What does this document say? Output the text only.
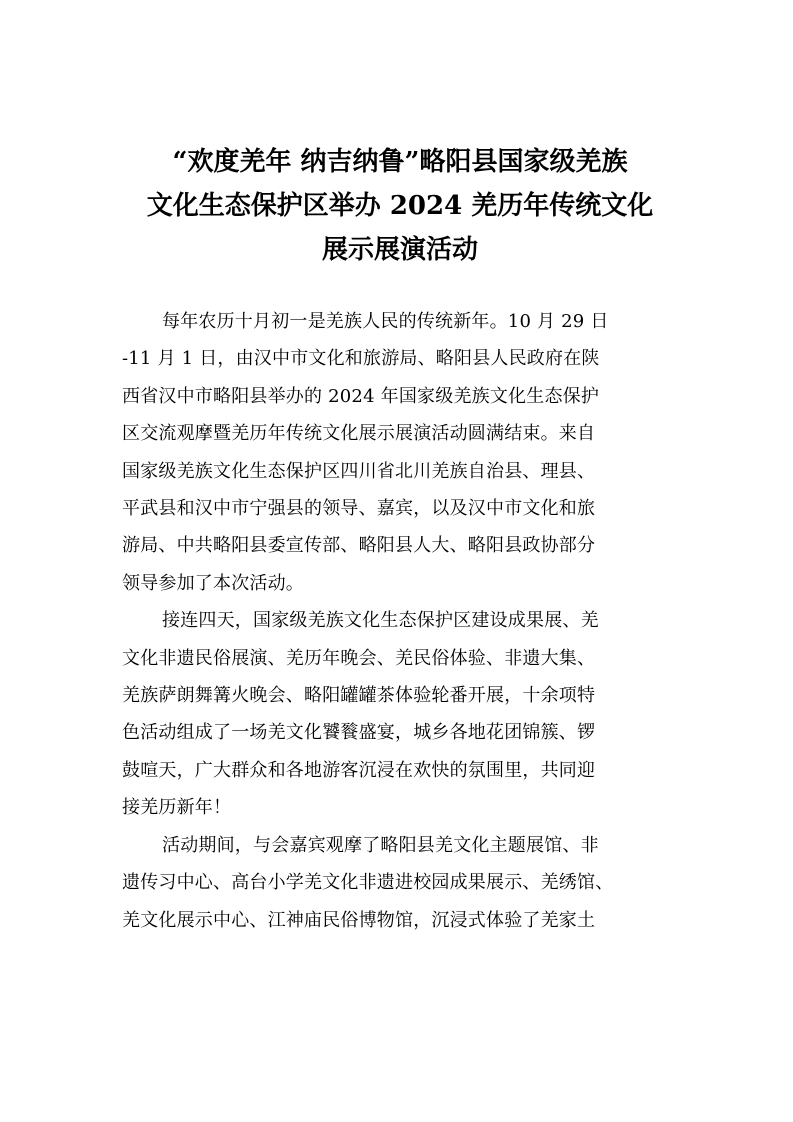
“欢度羌年 纳吉纳鲁”略阳县国家级羌族
文化生态保护区举办 2024 羌历年传统文化
展示展演活动
每年农历十月初一是羌族人民的传统新年。10 月 29 日
-11 月 1 日，由汉中市文化和旅游局、略阳县人民政府在陕
西省汉中市略阳县举办的 2024 年国家级羌族文化生态保护
区交流观摩暨羌历年传统文化展示展演活动圆满结束。来自
国家级羌族文化生态保护区四川省北川羌族自治县、理县、
平武县和汉中市宁强县的领导、嘉宾，以及汉中市文化和旅
游局、中共略阳县委宣传部、略阳县人大、略阳县政协部分
领导参加了本次活动。
接连四天，国家级羌族文化生态保护区建设成果展、羌
文化非遗民俗展演、羌历年晚会、羌民俗体验、非遗大集、
羌族萨朗舞篝火晚会、略阳罐罐茶体验轮番开展，十余项特
色活动组成了一场羌文化饕餮盛宴，城乡各地花团锦簇、锣
鼓喧天，广大群众和各地游客沉浸在欢快的氛围里，共同迎
接羌历新年！
活动期间，与会嘉宾观摩了略阳县羌文化主题展馆、非
遗传习中心、高台小学羌文化非遗进校园成果展示、羌绣馆、
羌文化展示中心、江神庙民俗博物馆，沉浸式体验了羌家土
